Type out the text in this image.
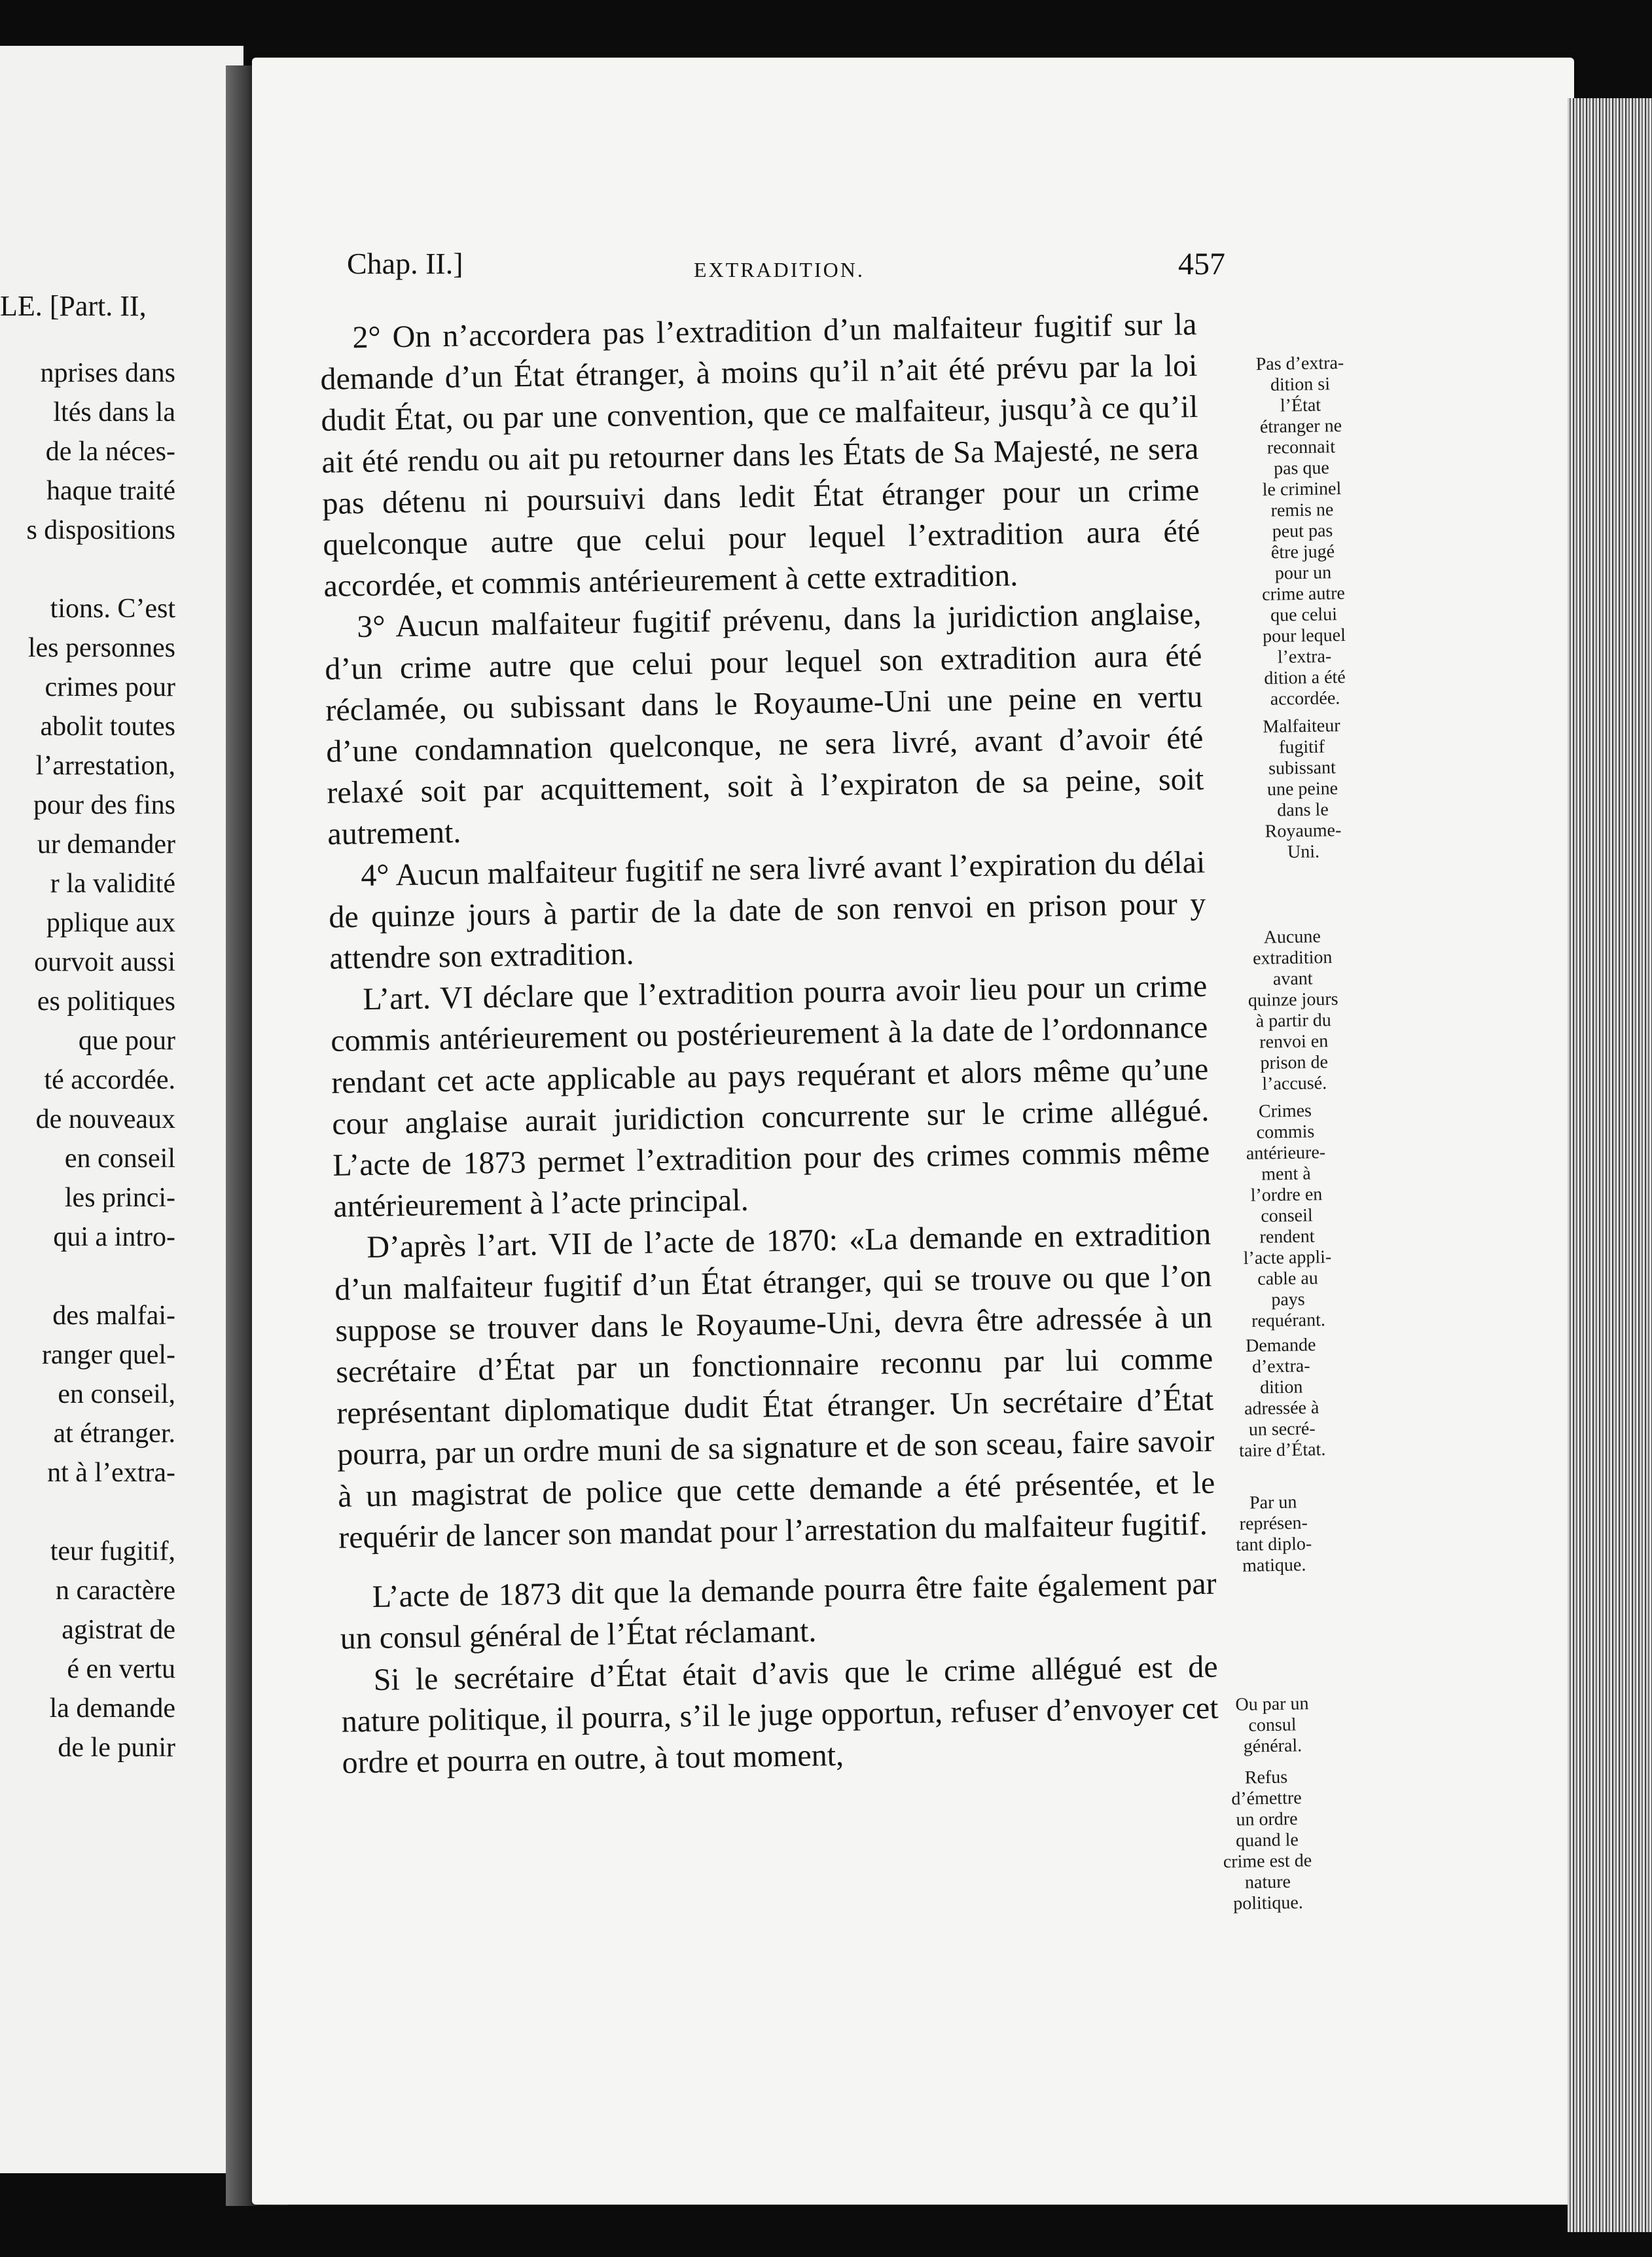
LE. [Part. II,
nprises dans
ltés dans la
de la néces-
haque traité
s dispositions
tions. C’est
les personnes
crimes pour
abolit toutes
l’arrestation,
pour des fins
ur demander
r la validité
pplique aux
ourvoit aussi
es politiques
que pour
té accordée.
de nouveaux
en conseil
les princi-
qui a intro-
des malfai-
ranger quel-
en conseil,
at étranger.
nt à l’extra-
teur fugitif,
n caractère
agistrat de
é en vertu
la demande
de le punir
Chap. II.]	EXTRADITION.	457

2° On n’accordera pas l’extradition d’un malfaiteur fugitif sur la demande d’un État étranger, à moins qu’il n’ait été prévu par la loi dudit État, ou par une convention, que ce malfaiteur, jusqu’à ce qu’il ait été rendu ou ait pu retourner dans les États de Sa Majesté, ne sera pas détenu ni poursuivi dans ledit État étranger pour un crime quelconque autre que celui pour lequel l’extradition aura été accordée, et commis antérieurement à cette extradition.

3° Aucun malfaiteur fugitif prévenu, dans la juridiction anglaise, d’un crime autre que celui pour lequel son extradition aura été réclamée, ou subissant dans le Royaume-Uni une peine en vertu d’une condamnation quelconque, ne sera livré, avant d’avoir été relaxé soit par acquittement, soit à l’expiraton de sa peine, soit autrement.

4° Aucun malfaiteur fugitif ne sera livré avant l’expiration du délai de quinze jours à partir de la date de son renvoi en prison pour y attendre son extradition.

L’art. VI déclare que l’extradition pourra avoir lieu pour un crime commis antérieurement ou postérieurement à la date de l’ordonnance rendant cet acte applicable au pays requérant et alors même qu’une cour anglaise aurait juridiction concurrente sur le crime allégué. L’acte de 1873 permet l’extradition pour des crimes commis même antérieurement à l’acte principal.

D’après l’art. VII de l’acte de 1870: «La demande en extradition d’un malfaiteur fugitif d’un État étranger, qui se trouve ou que l’on suppose se trouver dans le Royaume-Uni, devra être adressée à un secrétaire d’État par un fonctionnaire reconnu par lui comme représentant diplomatique dudit État étranger. Un secrétaire d’État pourra, par un ordre muni de sa signature et de son sceau, faire savoir à un magistrat de police que cette demande a été présentée, et le requérir de lancer son mandat pour l’arrestation du malfaiteur fugitif.

L’acte de 1873 dit que la demande pourra être faite également par un consul général de l’État réclamant.

Si le secrétaire d’État était d’avis que le crime allégué est de nature politique, il pourra, s’il le juge opportun, refuser d’envoyer cet ordre et pourra en outre, à tout moment,

Pas d’extra-
dition si
l’État
étranger ne
reconnait
pas que
le criminel
remis ne
peut pas
être jugé
pour un
crime autre
que celui
pour lequel
l’extra-
dition a été
accordée.
Malfaiteur
fugitif
subissant
une peine
dans le
Royaume-
Uni.
Aucune
extradition
avant
quinze jours
à partir du
renvoi en
prison de
l’accusé.
Crimes
commis
antérieure-
ment à
l’ordre en
conseil
rendent
l’acte appli-
cable au
pays
requérant.
Demande
d’extra-
dition
adressée à
un secré-
taire d’État.
Par un
représen-
tant diplo-
matique.
Ou par un
consul
général.
Refus
d’émettre
un ordre
quand le
crime est de
nature
politique.
